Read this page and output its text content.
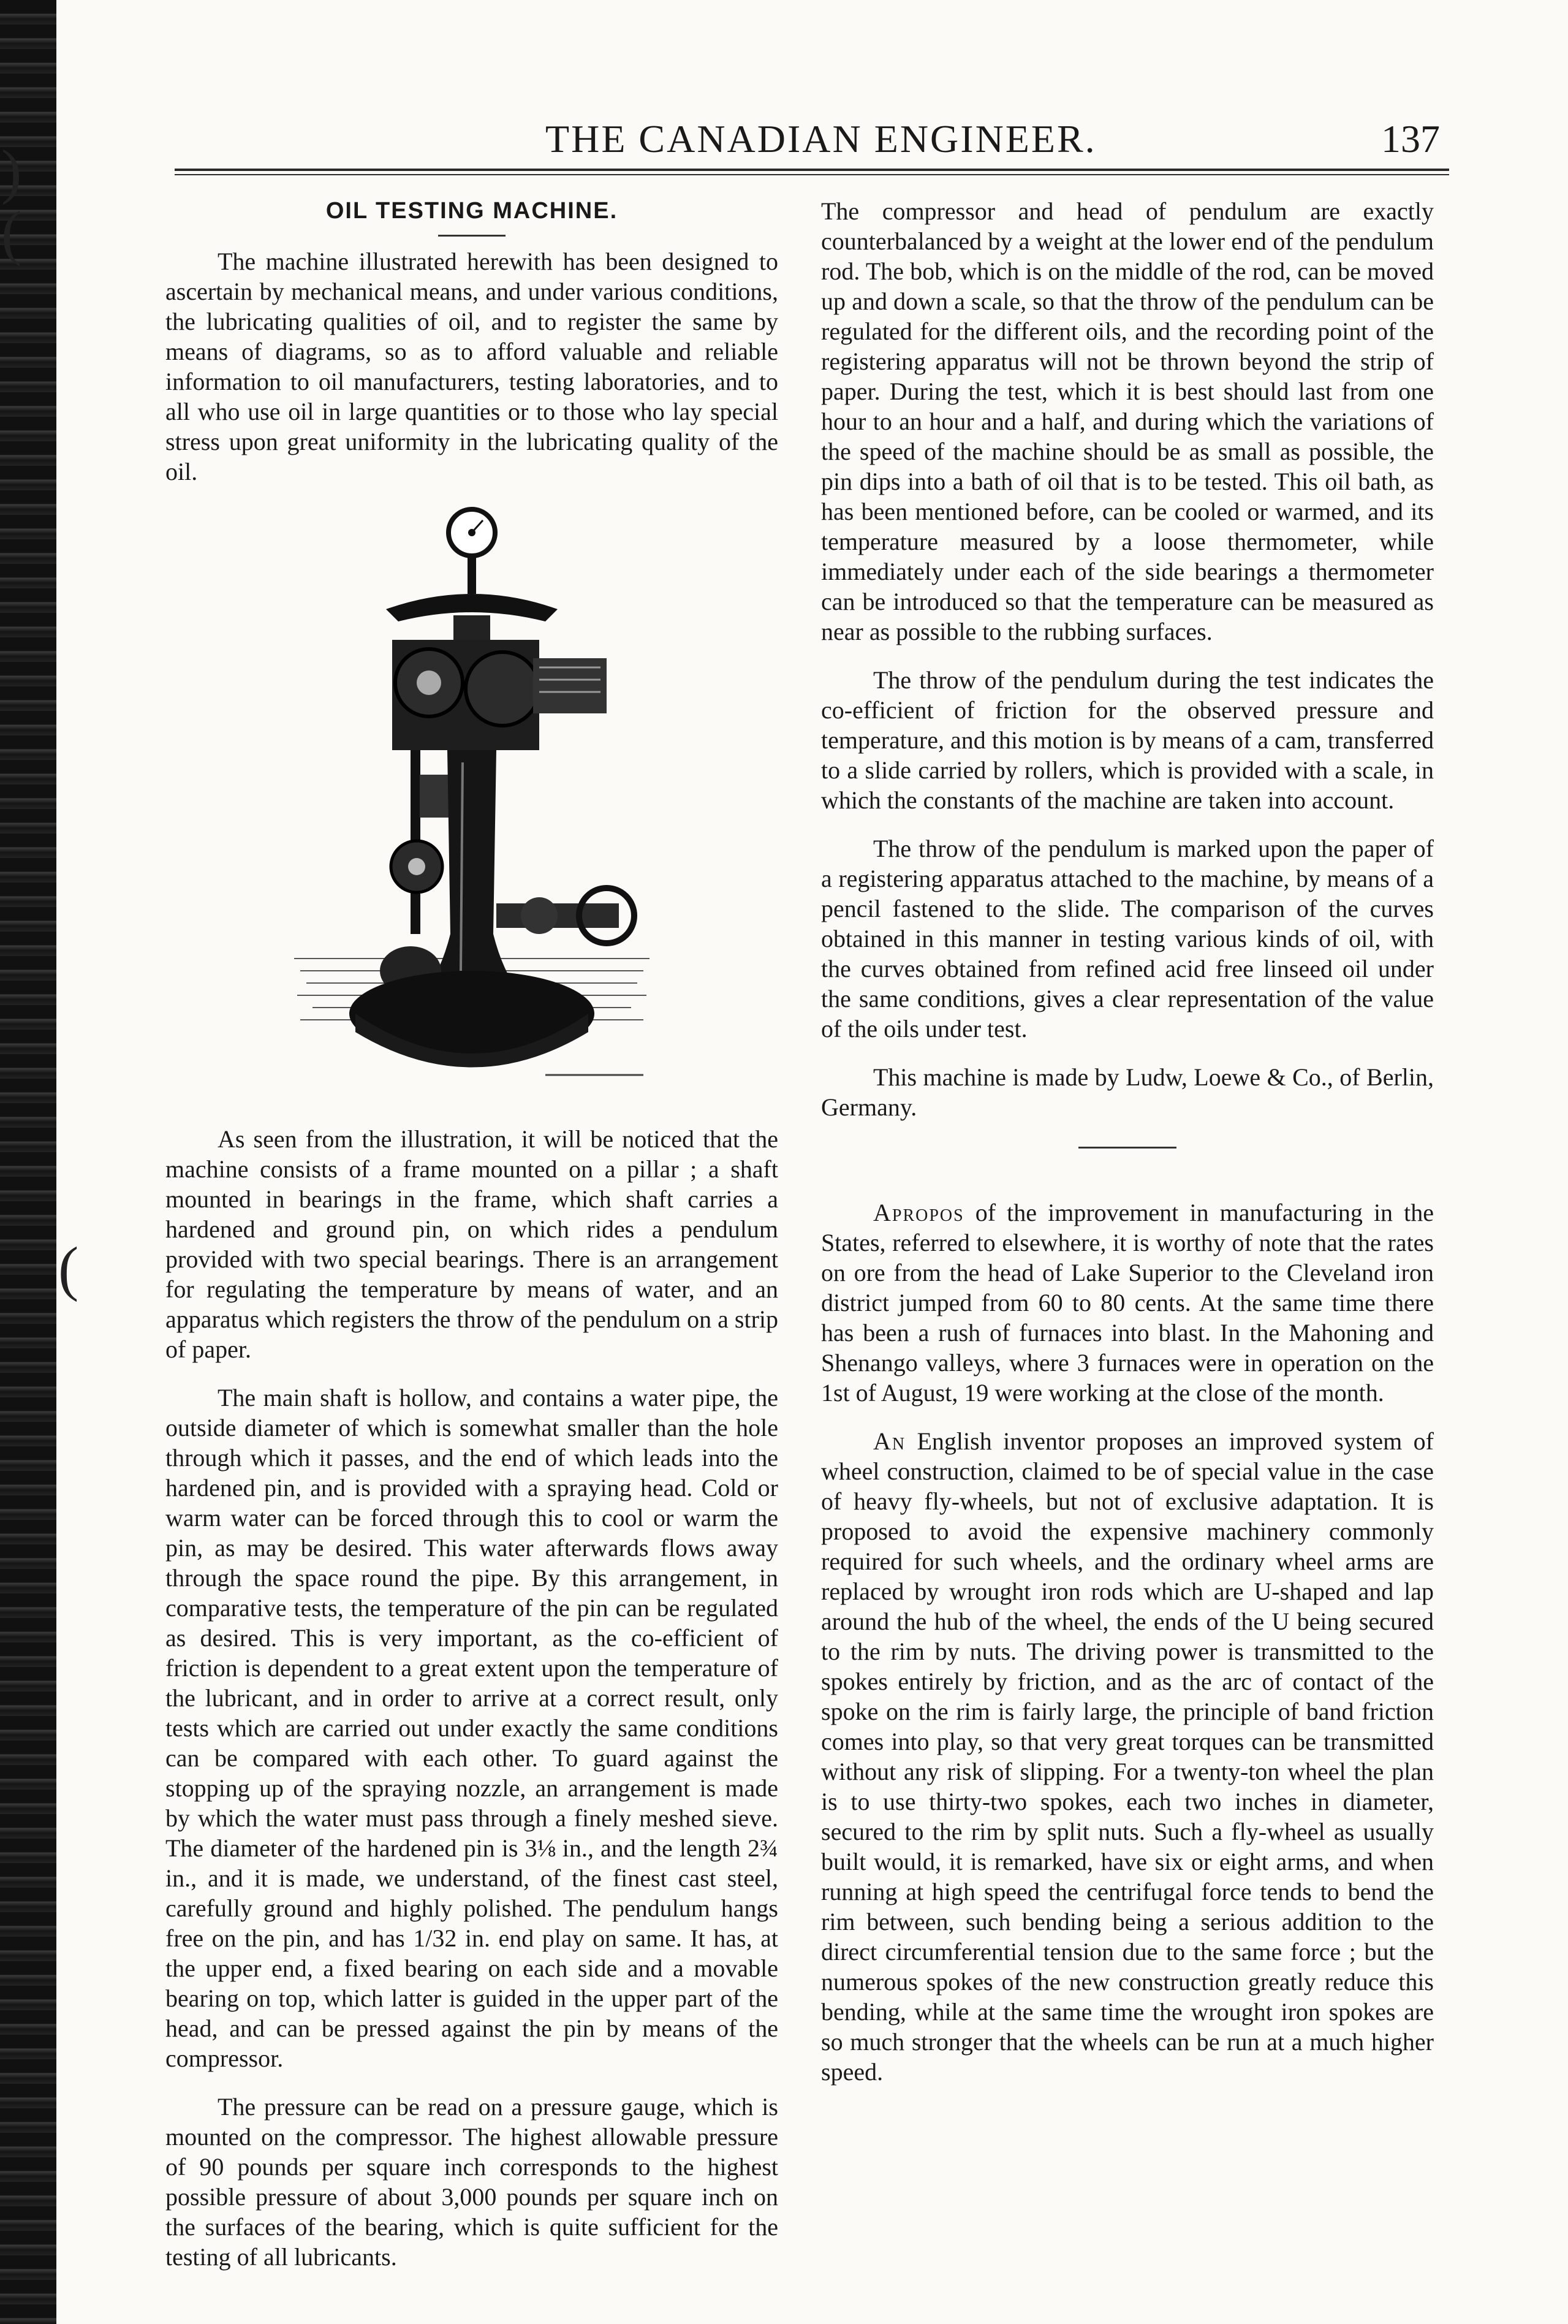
)(
(
THE CANADIAN ENGINEER.	137
OIL TESTING MACHINE.

The machine illustrated herewith has been designed to ascertain by mechanical means, and under various conditions, the lubricating qualities of oil, and to register the same by means of diagrams, so as to afford valuable and reliable information to oil manufacturers, testing laboratories, and to all who use oil in large quantities or to those who lay special stress upon great uniformity in the lubricating quality of the oil.

As seen from the illustration, it will be noticed that the machine consists of a frame mounted on a pillar ; a shaft mounted in bearings in the frame, which shaft carries a hardened and ground pin, on which rides a pendulum provided with two special bearings. There is an arrangement for regulating the temperature by means of water, and an apparatus which registers the throw of the pendulum on a strip of paper.

The main shaft is hollow, and contains a water pipe, the outside diameter of which is somewhat smaller than the hole through which it passes, and the end of which leads into the hardened pin, and is provided with a spraying head. Cold or warm water can be forced through this to cool or warm the pin, as may be desired. This water afterwards flows away through the space round the pipe. By this arrangement, in comparative tests, the temperature of the pin can be regulated as desired. This is very important, as the co-efficient of friction is dependent to a great extent upon the temperature of the lubricant, and in order to arrive at a correct result, only tests which are carried out under exactly the same conditions can be compared with each other. To guard against the stopping up of the spraying nozzle, an arrangement is made by which the water must pass through a finely meshed sieve. The diameter of the hardened pin is 3⅛ in., and the length 2¾ in., and it is made, we understand, of the finest cast steel, carefully ground and highly polished. The pendulum hangs free on the pin, and has 1/32 in. end play on same. It has, at the upper end, a fixed bearing on each side and a movable bearing on top, which latter is guided in the upper part of the head, and can be pressed against the pin by means of the compressor.

The pressure can be read on a pressure gauge, which is mounted on the compressor. The highest allowable pressure of 90 pounds per square inch corresponds to the highest possible pressure of about 3,000 pounds per square inch on the surfaces of the bearing, which is quite sufficient for the testing of all lubricants.

The compressor and head of pendulum are exactly counterbalanced by a weight at the lower end of the pendulum rod. The bob, which is on the middle of the rod, can be moved up and down a scale, so that the throw of the pendulum can be regulated for the different oils, and the recording point of the registering apparatus will not be thrown beyond the strip of paper. During the test, which it is best should last from one hour to an hour and a half, and during which the variations of the speed of the machine should be as small as possible, the pin dips into a bath of oil that is to be tested. This oil bath, as has been mentioned before, can be cooled or warmed, and its temperature measured by a loose thermometer, while immediately under each of the side bearings a thermometer can be introduced so that the temperature can be measured as near as possible to the rubbing surfaces.

The throw of the pendulum during the test indicates the co-efficient of friction for the observed pressure and temperature, and this motion is by means of a cam, transferred to a slide carried by rollers, which is provided with a scale, in which the constants of the machine are taken into account.

The throw of the pendulum is marked upon the paper of a registering apparatus attached to the machine, by means of a pencil fastened to the slide. The comparison of the curves obtained in this manner in testing various kinds of oil, with the curves obtained from refined acid free linseed oil under the same conditions, gives a clear representation of the value of the oils under test.

This machine is made by Ludw, Loewe & Co., of Berlin, Germany.

Apropos of the improvement in manufacturing in the States, referred to elsewhere, it is worthy of note that the rates on ore from the head of Lake Superior to the Cleveland iron district jumped from 60 to 80 cents. At the same time there has been a rush of furnaces into blast. In the Mahoning and Shenango valleys, where 3 furnaces were in operation on the 1st of August, 19 were working at the close of the month.

An English inventor proposes an improved system of wheel construction, claimed to be of special value in the case of heavy fly-wheels, but not of exclusive adaptation. It is proposed to avoid the expensive machinery commonly required for such wheels, and the ordinary wheel arms are replaced by wrought iron rods which are U-shaped and lap around the hub of the wheel, the ends of the U being secured to the rim by nuts. The driving power is transmitted to the spokes entirely by friction, and as the arc of contact of the spoke on the rim is fairly large, the principle of band friction comes into play, so that very great torques can be transmitted without any risk of slipping. For a twenty-ton wheel the plan is to use thirty-two spokes, each two inches in diameter, secured to the rim by split nuts. Such a fly-wheel as usually built would, it is remarked, have six or eight arms, and when running at high speed the centrifugal force tends to bend the rim between, such bending being a serious addition to the direct circumferential tension due to the same force ; but the numerous spokes of the new construction greatly reduce this bending, while at the same time the wrought iron spokes are so much stronger that the wheels can be run at a much higher speed.
